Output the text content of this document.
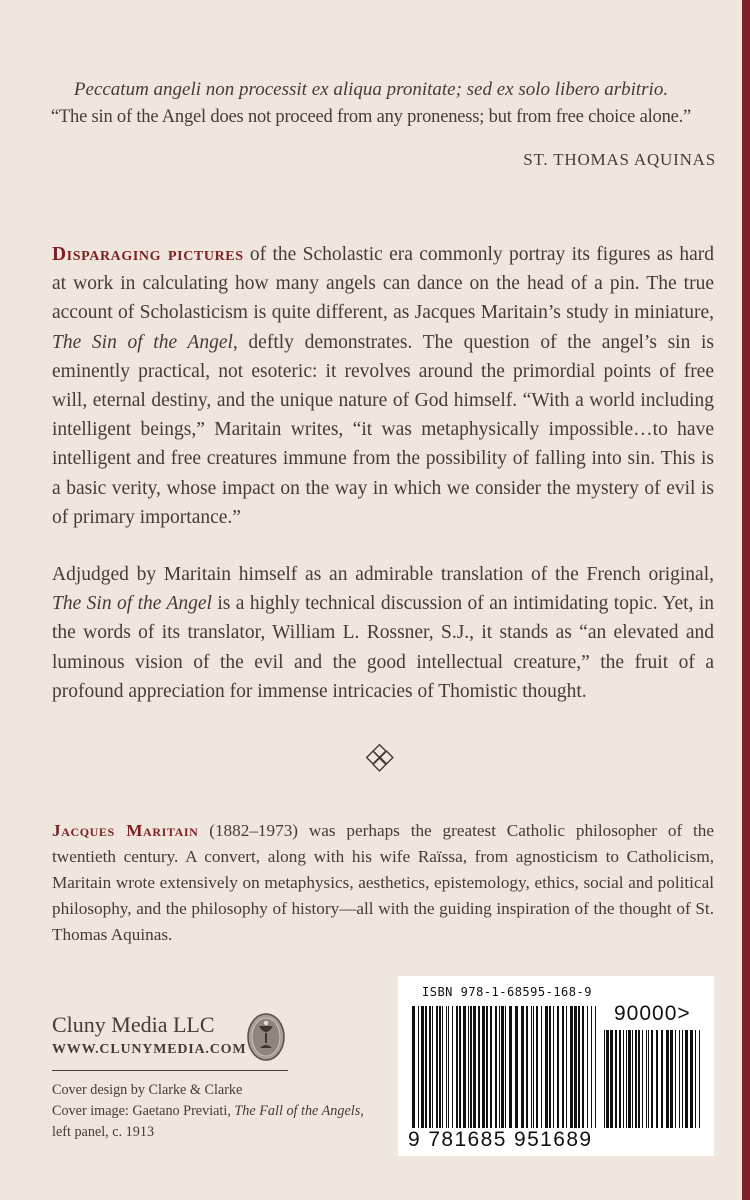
Peccatum angeli non processit ex aliqua pronitate; sed ex solo libero arbitrio.
“The sin of the Angel does not proceed from any proneness; but from free choice alone.”
ST. THOMAS AQUINAS

Disparaging pictures of the Scholastic era commonly portray its figures as hard at work in calculating how many angels can dance on the head of a pin. The true account of Scholasticism is quite different, as Jacques Maritain’s study in miniature, The Sin of the Angel, deftly demonstrates. The question of the angel’s sin is eminently practical, not esoteric: it revolves around the primordial points of free will, eternal destiny, and the unique nature of God himself. “With a world including intelligent beings,” Maritain writes, “it was metaphysically impossible…to have intelligent and free creatures immune from the possibility of falling into sin. This is a basic verity, whose impact on the way in which we consider the mystery of evil is of primary importance.”

Adjudged by Maritain himself as an admirable translation of the French original, The Sin of the Angel is a highly technical discussion of an intimidating topic. Yet, in the words of its translator, William L. Rossner, S.J., it stands as “an elevated and luminous vision of the evil and the good intellectual creature,” the fruit of a profound appreciation for immense intricacies of Thomistic thought.

Jacques Maritain (1882–1973) was perhaps the greatest Catholic philosopher of the twentieth century. A convert, along with his wife Raïssa, from agnosticism to Catholicism, Maritain wrote extensively on metaphysics, aesthetics, epistemology, ethics, social and political philosophy, and the philosophy of history—all with the guiding inspiration of the thought of St. Thomas Aquinas.

Cluny Media LLC
WWW.CLUNYMEDIA.COM
Cover design by Clarke & Clarke
Cover image: Gaetano Previati, The Fall of the Angels,
left panel, c. 1913
ISBN 978-1-68595-168-9
90000>
9 781685 951689
